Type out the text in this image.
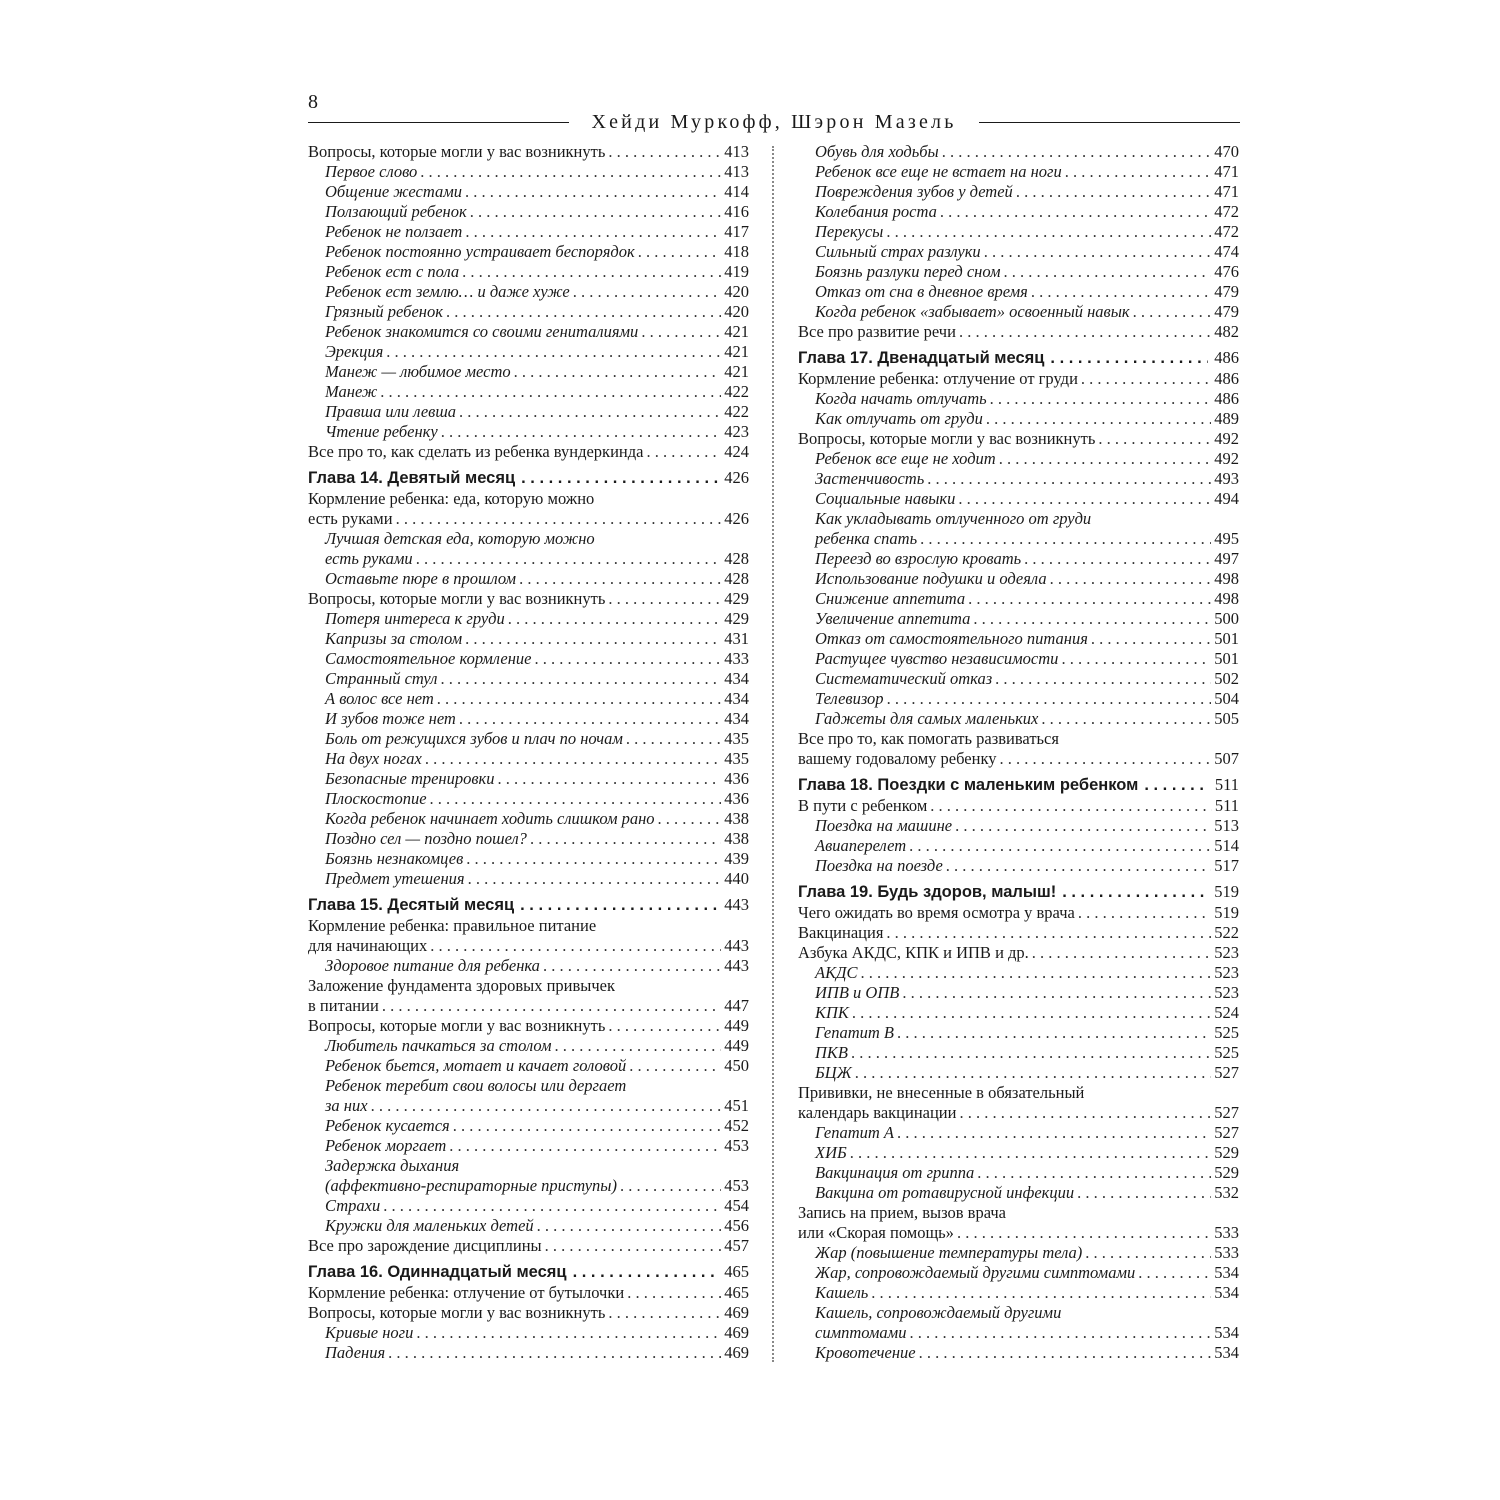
8
Хейди Муркофф, Шэрон Мазель
Вопросы, которые могли у вас возникнуть . . .	413
Первое слово . . .	413
Общение жестами . . .	414
Ползающий ребенок . . .	416
Ребенок не ползает . . .	417
Ребенок постоянно устраивает беспорядок . . .	418
Ребенок ест с пола . . .	419
Ребенок ест землю… и даже хуже . . .	420
Грязный ребенок . . .	420
Ребенок знакомится со своими гениталиями . . .	421
Эрекция . . .	421
Манеж — любимое место . . .	421
Манеж . . .	422
Правша или левша . . .	422
Чтение ребенку . . .	423
Все про то, как сделать из ребенка вундеркинда . . .	424
Глава 14. Девятый месяц . . .	426
Кормление ребенка: еда, которую можно
есть руками . . .	426
Лучшая детская еда, которую можно
есть руками . . .	428
Оставьте пюре в прошлом . . .	428
Вопросы, которые могли у вас возникнуть . . .	429
Потеря интереса к груди . . .	429
Капризы за столом . . .	431
Самостоятельное кормление . . .	433
Странный стул . . .	434
А волос все нет . . .	434
И зубов тоже нет . . .	434
Боль от режущихся зубов и плач по ночам . . .	435
На двух ногах . . .	435
Безопасные тренировки . . .	436
Плоскостопие . . .	436
Когда ребенок начинает ходить слишком рано . . .	438
Поздно сел — поздно пошел? . . .	438
Боязнь незнакомцев . . .	439
Предмет утешения . . .	440
Глава 15. Десятый месяц . . .	443
Кормление ребенка: правильное питание
для начинающих . . .	443
Здоровое питание для ребенка . . .	443
Заложение фундамента здоровых привычек
в питании . . .	447
Вопросы, которые могли у вас возникнуть . . .	449
Любитель пачкаться за столом . . .	449
Ребенок бьется, мотает и качает головой . . .	450
Ребенок теребит свои волосы или дергает
за них . . .	451
Ребенок кусается . . .	452
Ребенок моргает . . .	453
Задержка дыхания
(аффективно-респираторные приступы) . . .	453
Страхи . . .	454
Кружки для маленьких детей . . .	456
Все про зарождение дисциплины . . .	457
Глава 16. Одиннадцатый месяц . . .	465
Кормление ребенка: отлучение от бутылочки . . .	465
Вопросы, которые могли у вас возникнуть . . .	469
Кривые ноги . . .	469
Падения . . .	469
Обувь для ходьбы . . .	470
Ребенок все еще не встает на ноги . . .	471
Повреждения зубов у детей . . .	471
Колебания роста . . .	472
Перекусы . . .	472
Сильный страх разлуки . . .	474
Боязнь разлуки перед сном . . .	476
Отказ от сна в дневное время . . .	479
Когда ребенок «забывает» освоенный навык . . .	479
Все про развитие речи . . .	482
Глава 17. Двенадцатый месяц . . .	486
Кормление ребенка: отлучение от груди . . .	486
Когда начать отлучать . . .	486
Как отлучать от груди . . .	489
Вопросы, которые могли у вас возникнуть . . .	492
Ребенок все еще не ходит . . .	492
Застенчивость . . .	493
Социальные навыки . . .	494
Как укладывать отлученного от груди
ребенка спать . . .	495
Переезд во взрослую кровать . . .	497
Использование подушки и одеяла . . .	498
Снижение аппетита . . .	498
Увеличение аппетита . . .	500
Отказ от самостоятельного питания . . .	501
Растущее чувство независимости . . .	501
Систематический отказ . . .	502
Телевизор . . .	504
Гаджеты для самых маленьких . . .	505
Все про то, как помогать развиваться
вашему годовалому ребенку . . .	507
Глава 18. Поездки с маленьким ребенком . . .	511
В пути с ребенком . . .	511
Поездка на машине . . .	513
Авиаперелет . . .	514
Поездка на поезде . . .	517
Глава 19. Будь здоров, малыш! . . .	519
Чего ожидать во время осмотра у врача . . .	519
Вакцинация . . .	522
Азбука АКДС, КПК и ИПВ и др. . . .	523
АКДС . . .	523
ИПВ и ОПВ . . .	523
КПК . . .	524
Гепатит B . . .	525
ПКВ . . .	525
БЦЖ . . .	527
Прививки, не внесенные в обязательный
календарь вакцинации . . .	527
Гепатит A . . .	527
ХИБ . . .	529
Вакцинация от гриппа . . .	529
Вакцина от ротавирусной инфекции . . .	532
Запись на прием, вызов врача
или «Скорая помощь» . . .	533
Жар (повышение температуры тела) . . .	533
Жар, сопровождаемый другими симптомами . . .	534
Кашель . . .	534
Кашель, сопровождаемый другими
симптомами . . .	534
Кровотечение . . .	534
